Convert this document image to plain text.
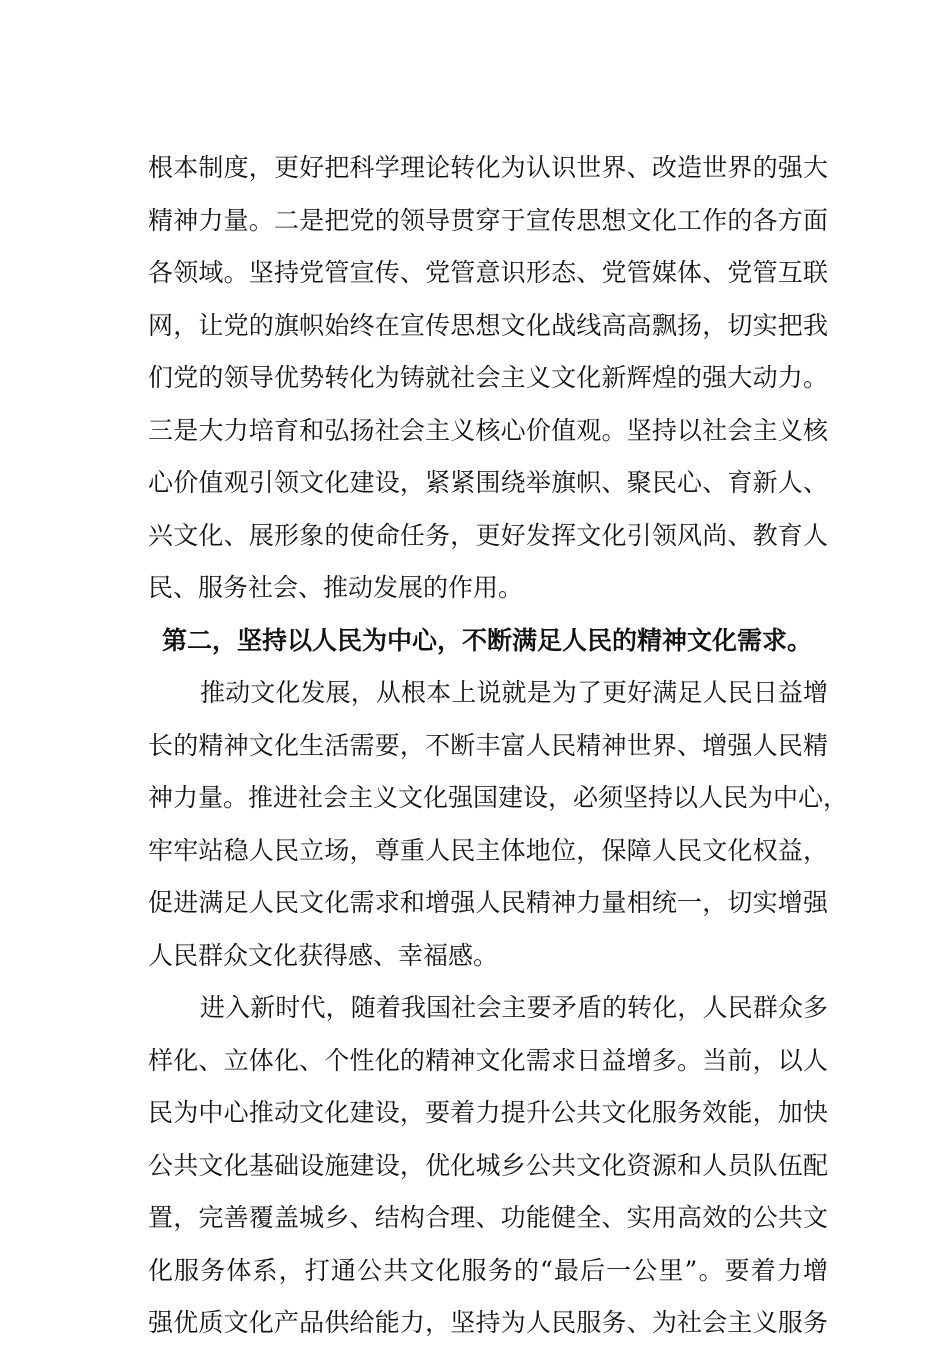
根本制度，更好把科学理论转化为认识世界、改造世界的强大
精神力量。二是把党的领导贯穿于宣传思想文化工作的各方面
各领域。坚持党管宣传、党管意识形态、党管媒体、党管互联
网，让党的旗帜始终在宣传思想文化战线高高飘扬，切实把我
们党的领导优势转化为铸就社会主义文化新辉煌的强大动力。
三是大力培育和弘扬社会主义核心价值观。坚持以社会主义核
心价值观引领文化建设，紧紧围绕举旗帜、聚民心、育新人、
兴文化、展形象的使命任务，更好发挥文化引领风尚、教育人
民、服务社会、推动发展的作用。
第二，坚持以人民为中心，不断满足人民的精神文化需求。
推动文化发展，从根本上说就是为了更好满足人民日益增
长的精神文化生活需要，不断丰富人民精神世界、增强人民精
神力量。推进社会主义文化强国建设，必须坚持以人民为中心，
牢牢站稳人民立场，尊重人民主体地位，保障人民文化权益，
促进满足人民文化需求和增强人民精神力量相统一，切实增强
人民群众文化获得感、幸福感。
进入新时代，随着我国社会主要矛盾的转化，人民群众多
样化、立体化、个性化的精神文化需求日益增多。当前，以人
民为中心推动文化建设，要着力提升公共文化服务效能，加快
公共文化基础设施建设，优化城乡公共文化资源和人员队伍配
置，完善覆盖城乡、结构合理、功能健全、实用高效的公共文
化服务体系，打通公共文化服务的“最后一公里”。要着力增
强优质文化产品供给能力，坚持为人民服务、为社会主义服务
